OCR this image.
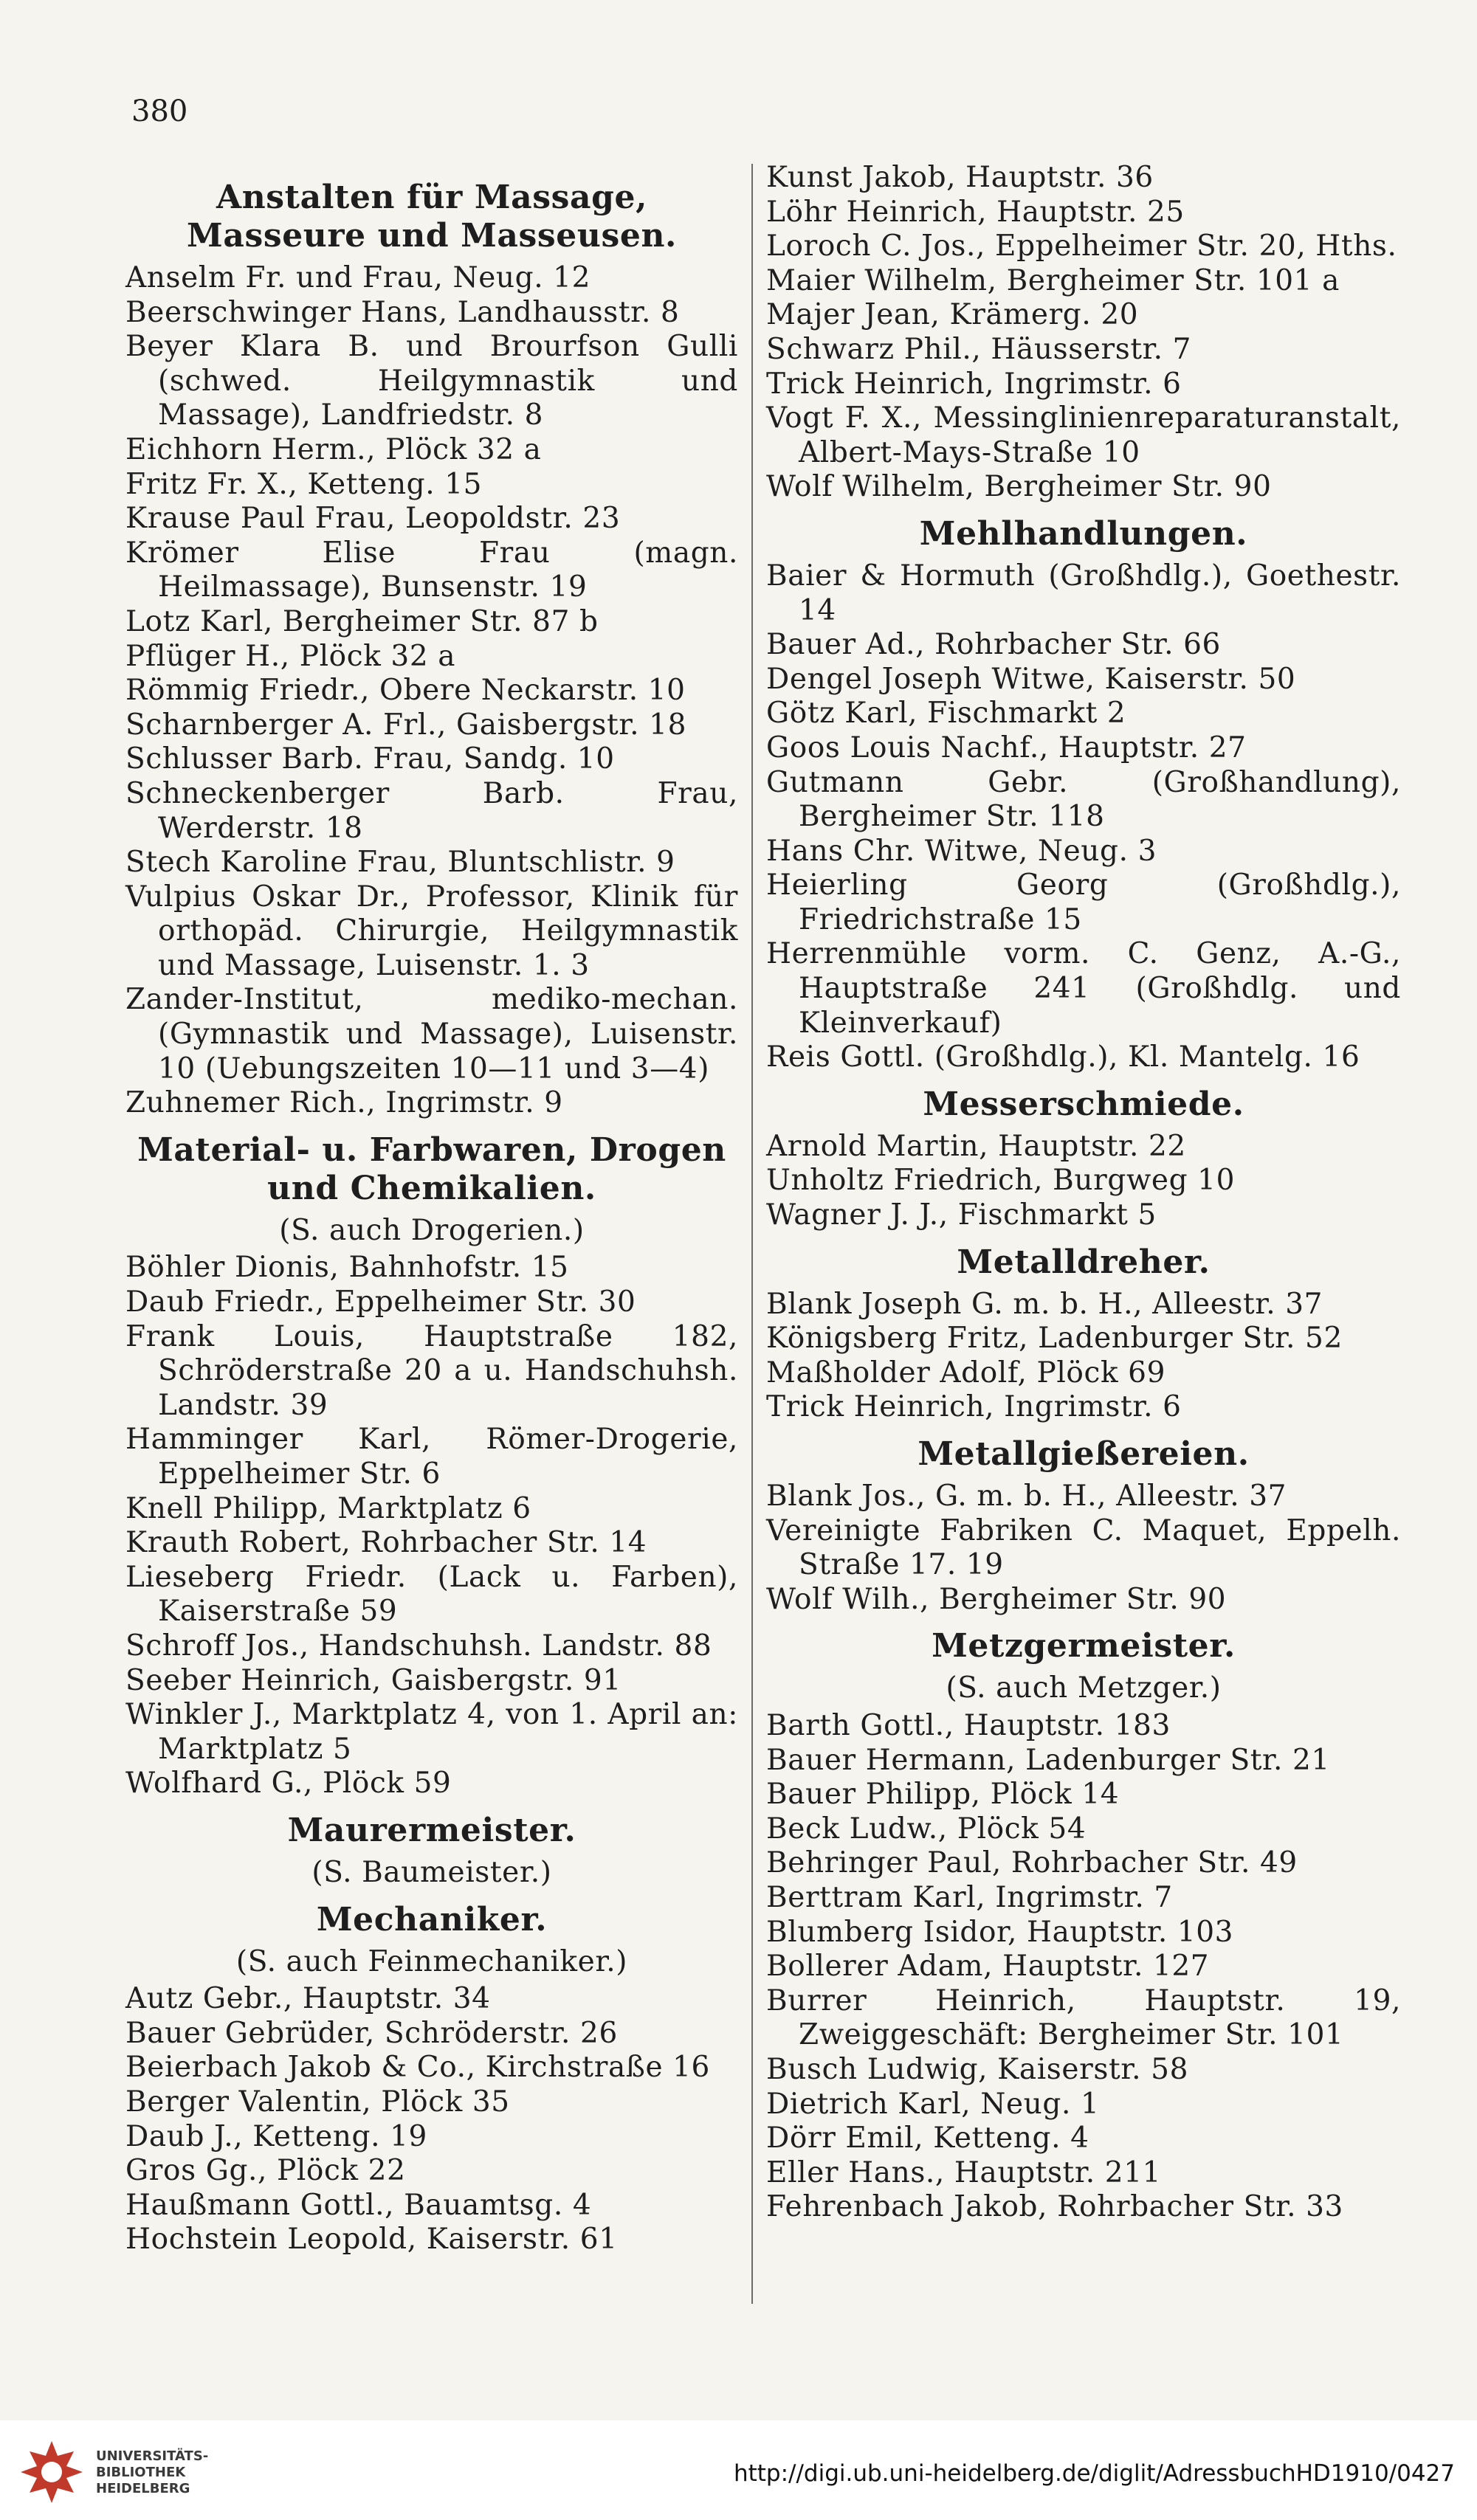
380
Anstalten für Massage, Masseure und Masseusen.
Anselm Fr. und Frau, Neug. 12
Beerschwinger Hans, Landhausstr. 8
Beyer Klara B. und Brourfson Gulli (schwed. Heilgymnastik und Massage), Landfriedstr. 8
Eichhorn Herm., Plöck 32 a
Fritz Fr. X., Ketteng. 15
Krause Paul Frau, Leopoldstr. 23
Krömer Elise Frau (magn. Heilmassage), Bunsenstr. 19
Lotz Karl, Bergheimer Str. 87 b
Pflüger H., Plöck 32 a
Römmig Friedr., Obere Neckarstr. 10
Scharnberger A. Frl., Gaisbergstr. 18
Schlusser Barb. Frau, Sandg. 10
Schneckenberger Barb. Frau, Werderstr. 18
Stech Karoline Frau, Bluntschlistr. 9
Vulpius Oskar Dr., Professor, Klinik für orthopäd. Chirurgie, Heilgymnastik und Massage, Luisenstr. 1. 3
Zander-Institut, mediko-mechan. (Gymnastik und Massage), Luisenstr. 10 (Uebungszeiten 10—11 und 3—4)
Zuhnemer Rich., Ingrimstr. 9
Material- u. Farbwaren, Drogen und Chemikalien.
(S. auch Drogerien.)
Böhler Dionis, Bahnhofstr. 15
Daub Friedr., Eppelheimer Str. 30
Frank Louis, Hauptstraße 182, Schröderstraße 20 a u. Handschuhsh. Landstr. 39
Hamminger Karl, Römer-Drogerie, Eppelheimer Str. 6
Knell Philipp, Marktplatz 6
Krauth Robert, Rohrbacher Str. 14
Lieseberg Friedr. (Lack u. Farben), Kaiserstraße 59
Schroff Jos., Handschuhsh. Landstr. 88
Seeber Heinrich, Gaisbergstr. 91
Winkler J., Marktplatz 4, von 1. April an: Marktplatz 5
Wolfhard G., Plöck 59
Maurermeister.
(S. Baumeister.)
Mechaniker.
(S. auch Feinmechaniker.)
Autz Gebr., Hauptstr. 34
Bauer Gebrüder, Schröderstr. 26
Beierbach Jakob & Co., Kirchstraße 16
Berger Valentin, Plöck 35
Daub J., Ketteng. 19
Gros Gg., Plöck 22
Haußmann Gottl., Bauamtsg. 4
Hochstein Leopold, Kaiserstr. 61
Kunst Jakob, Hauptstr. 36
Löhr Heinrich, Hauptstr. 25
Loroch C. Jos., Eppelheimer Str. 20, Hths.
Maier Wilhelm, Bergheimer Str. 101 a
Majer Jean, Krämerg. 20
Schwarz Phil., Häusserstr. 7
Trick Heinrich, Ingrimstr. 6
Vogt F. X., Messinglinienreparaturanstalt, Albert-Mays-Straße 10
Wolf Wilhelm, Bergheimer Str. 90
Mehlhandlungen.
Baier & Hormuth (Großhdlg.), Goethestr. 14
Bauer Ad., Rohrbacher Str. 66
Dengel Joseph Witwe, Kaiserstr. 50
Götz Karl, Fischmarkt 2
Goos Louis Nachf., Hauptstr. 27
Gutmann Gebr. (Großhandlung), Bergheimer Str. 118
Hans Chr. Witwe, Neug. 3
Heierling Georg (Großhdlg.), Friedrichstraße 15
Herrenmühle vorm. C. Genz, A.-G., Hauptstraße 241 (Großhdlg. und Kleinverkauf)
Reis Gottl. (Großhdlg.), Kl. Mantelg. 16
Messerschmiede.
Arnold Martin, Hauptstr. 22
Unholtz Friedrich, Burgweg 10
Wagner J. J., Fischmarkt 5
Metalldreher.
Blank Joseph G. m. b. H., Alleestr. 37
Königsberg Fritz, Ladenburger Str. 52
Maßholder Adolf, Plöck 69
Trick Heinrich, Ingrimstr. 6
Metallgießereien.
Blank Jos., G. m. b. H., Alleestr. 37
Vereinigte Fabriken C. Maquet, Eppelh. Straße 17. 19
Wolf Wilh., Bergheimer Str. 90
Metzgermeister.
(S. auch Metzger.)
Barth Gottl., Hauptstr. 183
Bauer Hermann, Ladenburger Str. 21
Bauer Philipp, Plöck 14
Beck Ludw., Plöck 54
Behringer Paul, Rohrbacher Str. 49
Berttram Karl, Ingrimstr. 7
Blumberg Isidor, Hauptstr. 103
Bollerer Adam, Hauptstr. 127
Burrer Heinrich, Hauptstr. 19, Zweiggeschäft: Bergheimer Str. 101
Busch Ludwig, Kaiserstr. 58
Dietrich Karl, Neug. 1
Dörr Emil, Ketteng. 4
Eller Hans., Hauptstr. 211
Fehrenbach Jakob, Rohrbacher Str. 33
UNIVERSITÄTS-
BIBLIOTHEK
HEIDELBERG
http://digi.ub.uni-heidelberg.de/diglit/AdressbuchHD1910/0427
